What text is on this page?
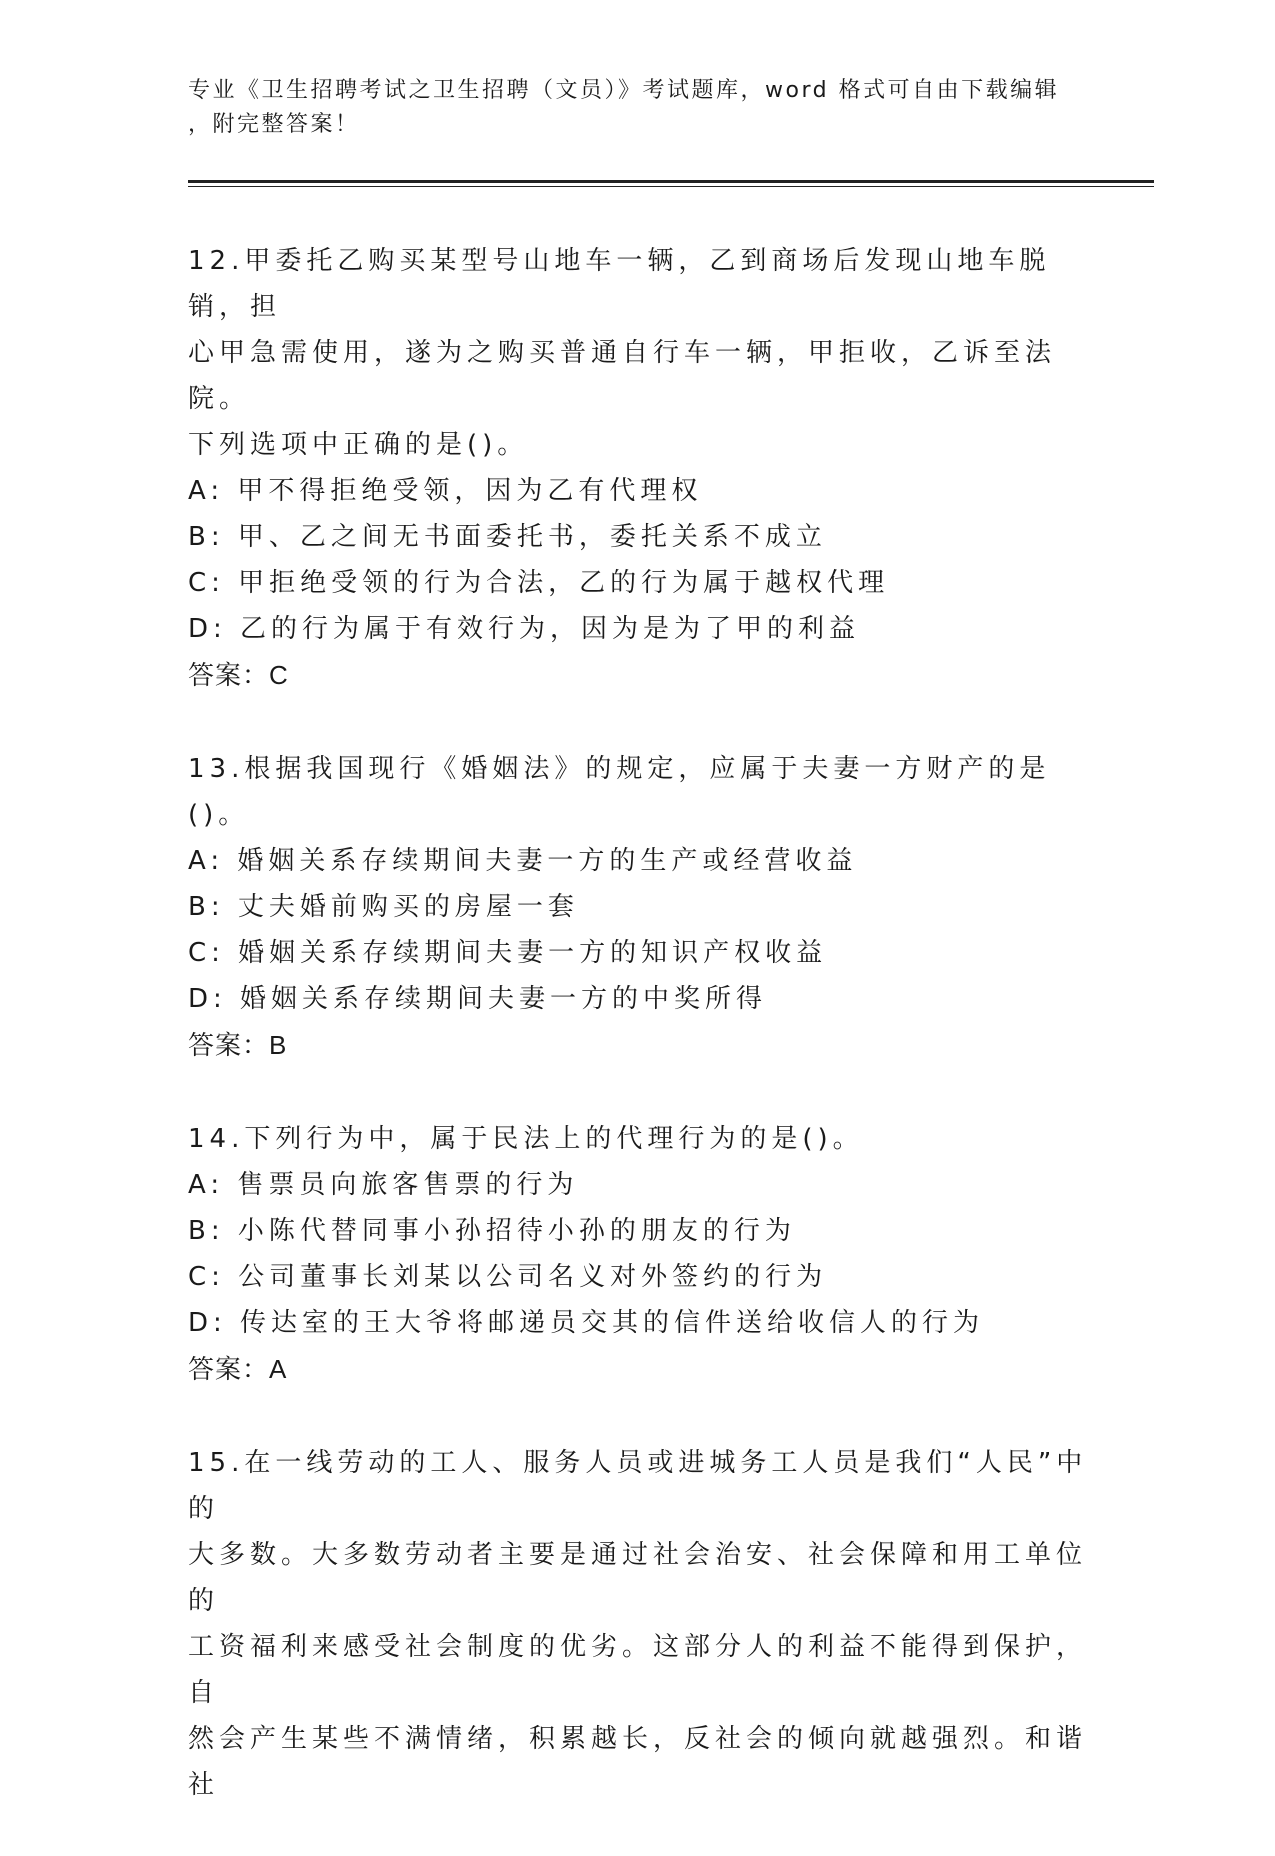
专业《卫生招聘考试之卫生招聘（文员）》考试题库，word 格式可自由下载编辑
，附完整答案！

12.甲委托乙购买某型号山地车一辆，乙到商场后发现山地车脱销，担

心甲急需使用，遂为之购买普通自行车一辆，甲拒收，乙诉至法院。

下列选项中正确的是()。

A: 甲不得拒绝受领，因为乙有代理权

B: 甲、乙之间无书面委托书，委托关系不成立

C: 甲拒绝受领的行为合法，乙的行为属于越权代理

D: 乙的行为属于有效行为，因为是为了甲的利益

答案：C

13.根据我国现行《婚姻法》的规定，应属于夫妻一方财产的是()。

A: 婚姻关系存续期间夫妻一方的生产或经营收益

B: 丈夫婚前购买的房屋一套

C: 婚姻关系存续期间夫妻一方的知识产权收益

D: 婚姻关系存续期间夫妻一方的中奖所得

答案：B

14.下列行为中，属于民法上的代理行为的是()。

A: 售票员向旅客售票的行为

B: 小陈代替同事小孙招待小孙的朋友的行为

C: 公司董事长刘某以公司名义对外签约的行为

D: 传达室的王大爷将邮递员交其的信件送给收信人的行为

答案：A

15.在一线劳动的工人、服务人员或进城务工人员是我们“人民”中的

大多数。大多数劳动者主要是通过社会治安、社会保障和用工单位的

工资福利来感受社会制度的优劣。这部分人的利益不能得到保护，自

然会产生某些不满情绪，积累越长，反社会的倾向就越强烈。和谐社
